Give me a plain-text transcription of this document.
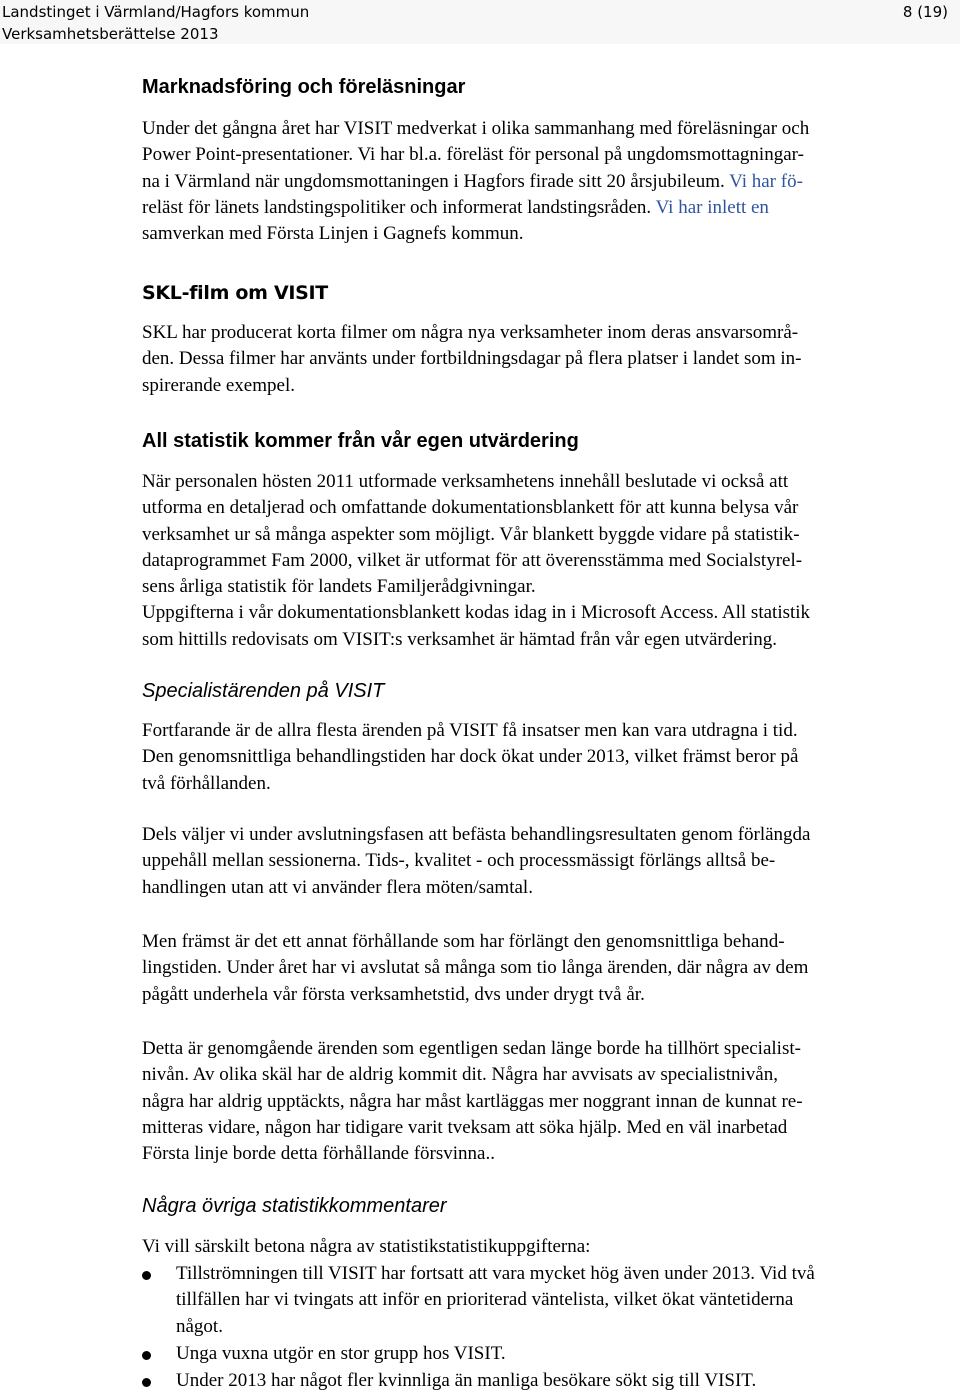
Landstinget i Värmland/Hagfors kommun
Verksamhetsberättelse 2013
8 (19)
Marknadsföring och föreläsningar
Under det gångna året har VISIT medverkat i olika sammanhang med föreläsningar och
Power Point-presentationer. Vi har bl.a. föreläst för personal på ungdomsmottagningar-
na i Värmland när ungdomsmottaningen i Hagfors firade sitt 20 årsjubileum. Vi har fö-
reläst för länets landstingspolitiker och informerat landstingsråden. Vi har inlett en
samverkan med Första Linjen i Gagnefs kommun.
SKL-film om VISIT
SKL har producerat korta filmer om några nya verksamheter inom deras ansvarsområ-
den. Dessa filmer har använts under fortbildningsdagar på flera platser i landet som in-
spirerande exempel.
All statistik kommer från vår egen utvärdering
När personalen hösten 2011 utformade verksamhetens innehåll beslutade vi också att
utforma en detaljerad och omfattande dokumentationsblankett för att kunna belysa vår
verksamhet ur så många aspekter som möjligt. Vår blankett byggde vidare på statistik-
dataprogrammet Fam 2000, vilket är utformat för att överensstämma med Socialstyrel-
sens årliga statistik för landets Familjerådgivningar.
Uppgifterna i vår dokumentationsblankett kodas idag in i Microsoft Access. All statistik
som hittills redovisats om VISIT:s verksamhet är hämtad från vår egen utvärdering.
Specialistärenden på VISIT
Fortfarande är de allra flesta ärenden på VISIT få insatser men kan vara utdragna i tid.
Den genomsnittliga behandlingstiden har dock ökat under 2013, vilket främst beror på
två förhållanden.
Dels väljer vi under avslutningsfasen att befästa behandlingsresultaten genom förlängda
uppehåll mellan sessionerna. Tids-, kvalitet - och processmässigt förlängs alltså be-
handlingen utan att vi använder flera möten/samtal.
Men främst är det ett annat förhållande som har förlängt den genomsnittliga behand-
lingstiden. Under året har vi avslutat så många som tio långa ärenden, där några av dem
pågått underhela vår första verksamhetstid, dvs under drygt två år.
Detta är genomgående ärenden som egentligen sedan länge borde ha tillhört specialist-
nivån. Av olika skäl har de aldrig kommit dit. Några har avvisats av specialistnivån,
några har aldrig upptäckts, några har måst kartläggas mer noggrant innan de kunnat re-
mitteras vidare, någon har tidigare varit tveksam att söka hjälp. Med en väl inarbetad
Första linje borde detta förhållande försvinna..
Några övriga statistikkommentarer
Vi vill särskilt betona några av statistikstatistikuppgifterna:
Tillströmningen till VISIT har fortsatt att vara mycket hög även under 2013. Vid två
tillfällen har vi tvingats att inför en prioriterad väntelista, vilket ökat väntetiderna
något.
Unga vuxna utgör en stor grupp hos VISIT.
Under 2013 har något fler kvinnliga än manliga besökare sökt sig till VISIT.
